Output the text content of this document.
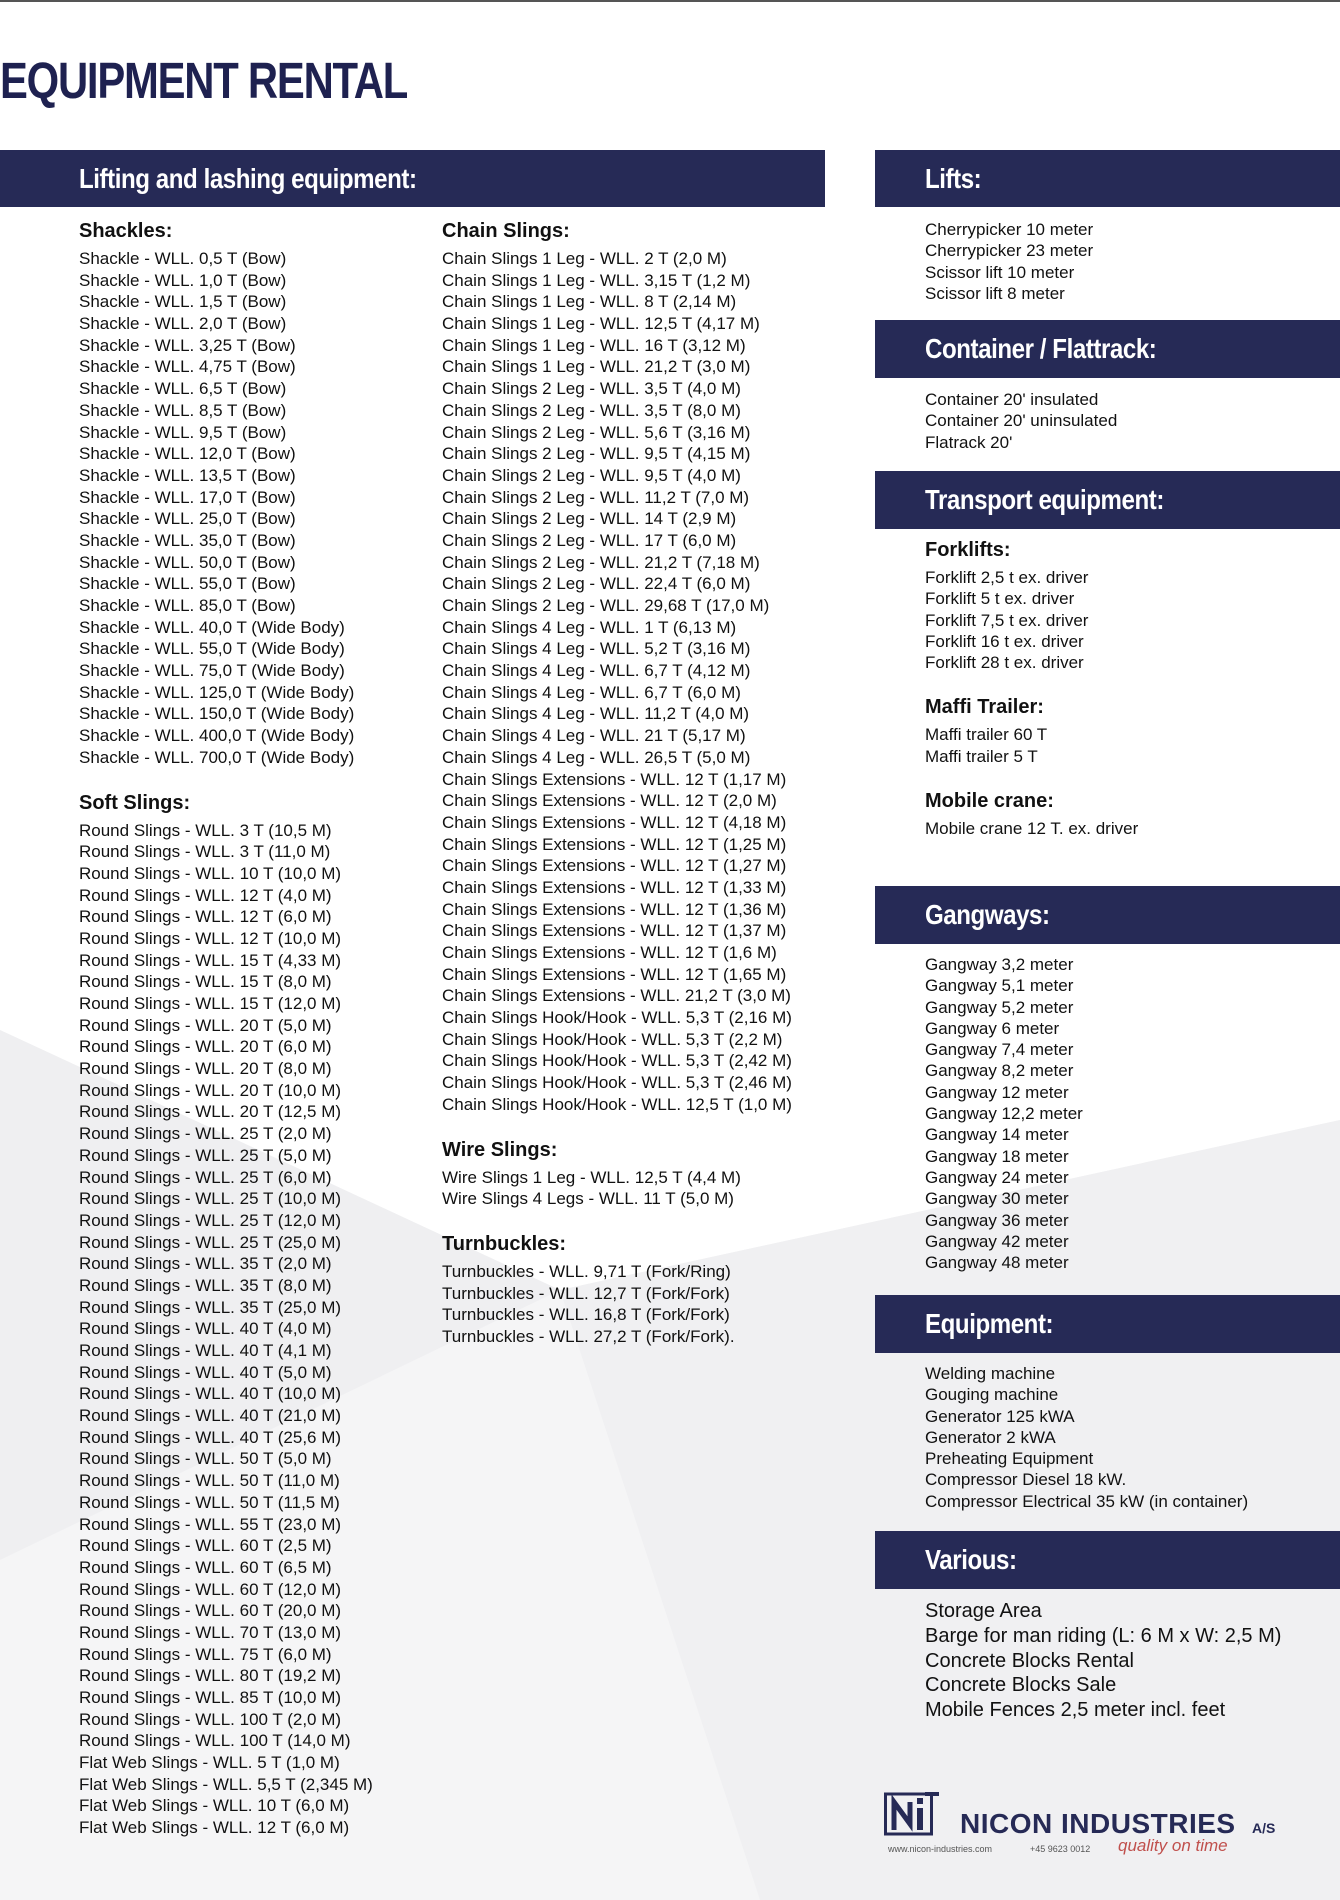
EQUIPMENT RENTAL
Lifting and lashing equipment:	Lifts:
Container / Flattrack:
Transport equipment:
Gangways:
Equipment:
Various:
Shackles:
Shackle - WLL. 0,5 T (Bow)
Shackle - WLL. 1,0 T (Bow)
Shackle - WLL. 1,5 T (Bow)
Shackle - WLL. 2,0 T (Bow)
Shackle - WLL. 3,25 T (Bow)
Shackle - WLL. 4,75 T (Bow)
Shackle - WLL. 6,5 T (Bow)
Shackle - WLL. 8,5 T (Bow)
Shackle - WLL. 9,5 T (Bow)
Shackle - WLL. 12,0 T (Bow)
Shackle - WLL. 13,5 T (Bow)
Shackle - WLL. 17,0 T (Bow)
Shackle - WLL. 25,0 T (Bow)
Shackle - WLL. 35,0 T (Bow)
Shackle - WLL. 50,0 T (Bow)
Shackle - WLL. 55,0 T (Bow)
Shackle - WLL. 85,0 T (Bow)
Shackle - WLL. 40,0 T (Wide Body)
Shackle - WLL. 55,0 T (Wide Body)
Shackle - WLL. 75,0 T (Wide Body)
Shackle - WLL. 125,0 T (Wide Body)
Shackle - WLL. 150,0 T (Wide Body)
Shackle - WLL. 400,0 T (Wide Body)
Shackle - WLL. 700,0 T (Wide Body)
Soft Slings:
Round Slings - WLL. 3 T (10,5 M)
Round Slings - WLL. 3 T (11,0 M)
Round Slings - WLL. 10 T (10,0 M)
Round Slings - WLL. 12 T (4,0 M)
Round Slings - WLL. 12 T (6,0 M)
Round Slings - WLL. 12 T (10,0 M)
Round Slings - WLL. 15 T (4,33 M)
Round Slings - WLL. 15 T (8,0 M)
Round Slings - WLL. 15 T (12,0 M)
Round Slings - WLL. 20 T (5,0 M)
Round Slings - WLL. 20 T (6,0 M)
Round Slings - WLL. 20 T (8,0 M)
Round Slings - WLL. 20 T (10,0 M)
Round Slings - WLL. 20 T (12,5 M)
Round Slings - WLL. 25 T (2,0 M)
Round Slings - WLL. 25 T (5,0 M)
Round Slings - WLL. 25 T (6,0 M)
Round Slings - WLL. 25 T (10,0 M)
Round Slings - WLL. 25 T (12,0 M)
Round Slings - WLL. 25 T (25,0 M)
Round Slings - WLL. 35 T (2,0 M)
Round Slings - WLL. 35 T (8,0 M)
Round Slings - WLL. 35 T (25,0 M)
Round Slings - WLL. 40 T (4,0 M)
Round Slings - WLL. 40 T (4,1 M)
Round Slings - WLL. 40 T (5,0 M)
Round Slings - WLL. 40 T (10,0 M)
Round Slings - WLL. 40 T (21,0 M)
Round Slings - WLL. 40 T (25,6 M)
Round Slings - WLL. 50 T (5,0 M)
Round Slings - WLL. 50 T (11,0 M)
Round Slings - WLL. 50 T (11,5 M)
Round Slings - WLL. 55 T (23,0 M)
Round Slings - WLL. 60 T (2,5 M)
Round Slings - WLL. 60 T (6,5 M)
Round Slings - WLL. 60 T (12,0 M)
Round Slings - WLL. 60 T (20,0 M)
Round Slings - WLL. 70 T (13,0 M)
Round Slings - WLL. 75 T (6,0 M)
Round Slings - WLL. 80 T (19,2 M)
Round Slings - WLL. 85 T (10,0 M)
Round Slings - WLL. 100 T (2,0 M)
Round Slings - WLL. 100 T (14,0 M)
Flat Web Slings - WLL. 5 T (1,0 M)
Flat Web Slings - WLL. 5,5 T (2,345 M)
Flat Web Slings - WLL. 10 T (6,0 M)
Flat Web Slings - WLL. 12 T (6,0 M)
Chain Slings:
Chain Slings 1 Leg - WLL. 2 T (2,0 M)
Chain Slings 1 Leg - WLL. 3,15 T (1,2 M)
Chain Slings 1 Leg - WLL. 8 T (2,14 M)
Chain Slings 1 Leg - WLL. 12,5 T (4,17 M)
Chain Slings 1 Leg - WLL. 16 T (3,12 M)
Chain Slings 1 Leg - WLL. 21,2 T (3,0 M)
Chain Slings 2 Leg - WLL. 3,5 T (4,0 M)
Chain Slings 2 Leg - WLL. 3,5 T (8,0 M)
Chain Slings 2 Leg - WLL. 5,6 T (3,16 M)
Chain Slings 2 Leg - WLL. 9,5 T (4,15 M)
Chain Slings 2 Leg - WLL. 9,5 T (4,0 M)
Chain Slings 2 Leg - WLL. 11,2 T (7,0 M)
Chain Slings 2 Leg - WLL. 14 T (2,9 M)
Chain Slings 2 Leg - WLL. 17 T (6,0 M)
Chain Slings 2 Leg - WLL. 21,2 T (7,18 M)
Chain Slings 2 Leg - WLL. 22,4 T (6,0 M)
Chain Slings 2 Leg - WLL. 29,68 T (17,0 M)
Chain Slings 4 Leg - WLL. 1 T (6,13 M)
Chain Slings 4 Leg - WLL. 5,2 T (3,16 M)
Chain Slings 4 Leg - WLL. 6,7 T (4,12 M)
Chain Slings 4 Leg - WLL. 6,7 T (6,0 M)
Chain Slings 4 Leg - WLL. 11,2 T (4,0 M)
Chain Slings 4 Leg - WLL. 21 T (5,17 M)
Chain Slings 4 Leg - WLL. 26,5 T (5,0 M)
Chain Slings Extensions - WLL. 12 T (1,17 M)
Chain Slings Extensions - WLL. 12 T (2,0 M)
Chain Slings Extensions - WLL. 12 T (4,18 M)
Chain Slings Extensions - WLL. 12 T (1,25 M)
Chain Slings Extensions - WLL. 12 T (1,27 M)
Chain Slings Extensions - WLL. 12 T (1,33 M)
Chain Slings Extensions - WLL. 12 T (1,36 M)
Chain Slings Extensions - WLL. 12 T (1,37 M)
Chain Slings Extensions - WLL. 12 T (1,6 M)
Chain Slings Extensions - WLL. 12 T (1,65 M)
Chain Slings Extensions - WLL. 21,2 T (3,0 M)
Chain Slings Hook/Hook - WLL. 5,3 T (2,16 M)
Chain Slings Hook/Hook - WLL. 5,3 T (2,2 M)
Chain Slings Hook/Hook - WLL. 5,3 T (2,42 M)
Chain Slings Hook/Hook - WLL. 5,3 T (2,46 M)
Chain Slings Hook/Hook - WLL. 12,5 T (1,0 M)
Wire Slings:
Wire Slings 1 Leg - WLL. 12,5 T (4,4 M)
Wire Slings 4 Legs - WLL. 11 T (5,0 M)
Turnbuckles:
Turnbuckles - WLL. 9,71 T (Fork/Ring)
Turnbuckles - WLL. 12,7 T (Fork/Fork)
Turnbuckles - WLL. 16,8 T (Fork/Fork)
Turnbuckles - WLL. 27,2 T (Fork/Fork).
Cherrypicker 10 meter
Cherrypicker 23 meter
Scissor lift 10 meter
Scissor lift 8 meter
Container 20' insulated
Container 20' uninsulated
Flatrack 20'
Forklifts:
Forklift 2,5 t ex. driver
Forklift 5 t ex. driver
Forklift 7,5 t ex. driver
Forklift 16 t ex. driver
Forklift 28 t ex. driver
Maffi Trailer:
Maffi trailer 60 T
Maffi trailer 5 T
Mobile crane:
Mobile crane 12 T. ex. driver
Gangway 3,2 meter
Gangway 5,1 meter
Gangway 5,2 meter
Gangway 6 meter
Gangway 7,4 meter
Gangway 8,2 meter
Gangway 12 meter
Gangway 12,2 meter
Gangway 14 meter
Gangway 18 meter
Gangway 24 meter
Gangway 30 meter
Gangway 36 meter
Gangway 42 meter
Gangway 48 meter
Welding machine
Gouging machine
Generator 125 kWA
Generator 2 kWA
Preheating Equipment
Compressor Diesel 18 kW.
Compressor Electrical 35 kW (in container)
Storage Area
Barge for man riding (L: 6 M x W: 2,5 M)
Concrete Blocks Rental
Concrete Blocks Sale
Mobile Fences 2,5 meter incl. feet
NICON INDUSTRIES A/S
www.nicon-industries.com	+45 9623 0012 quality on time
